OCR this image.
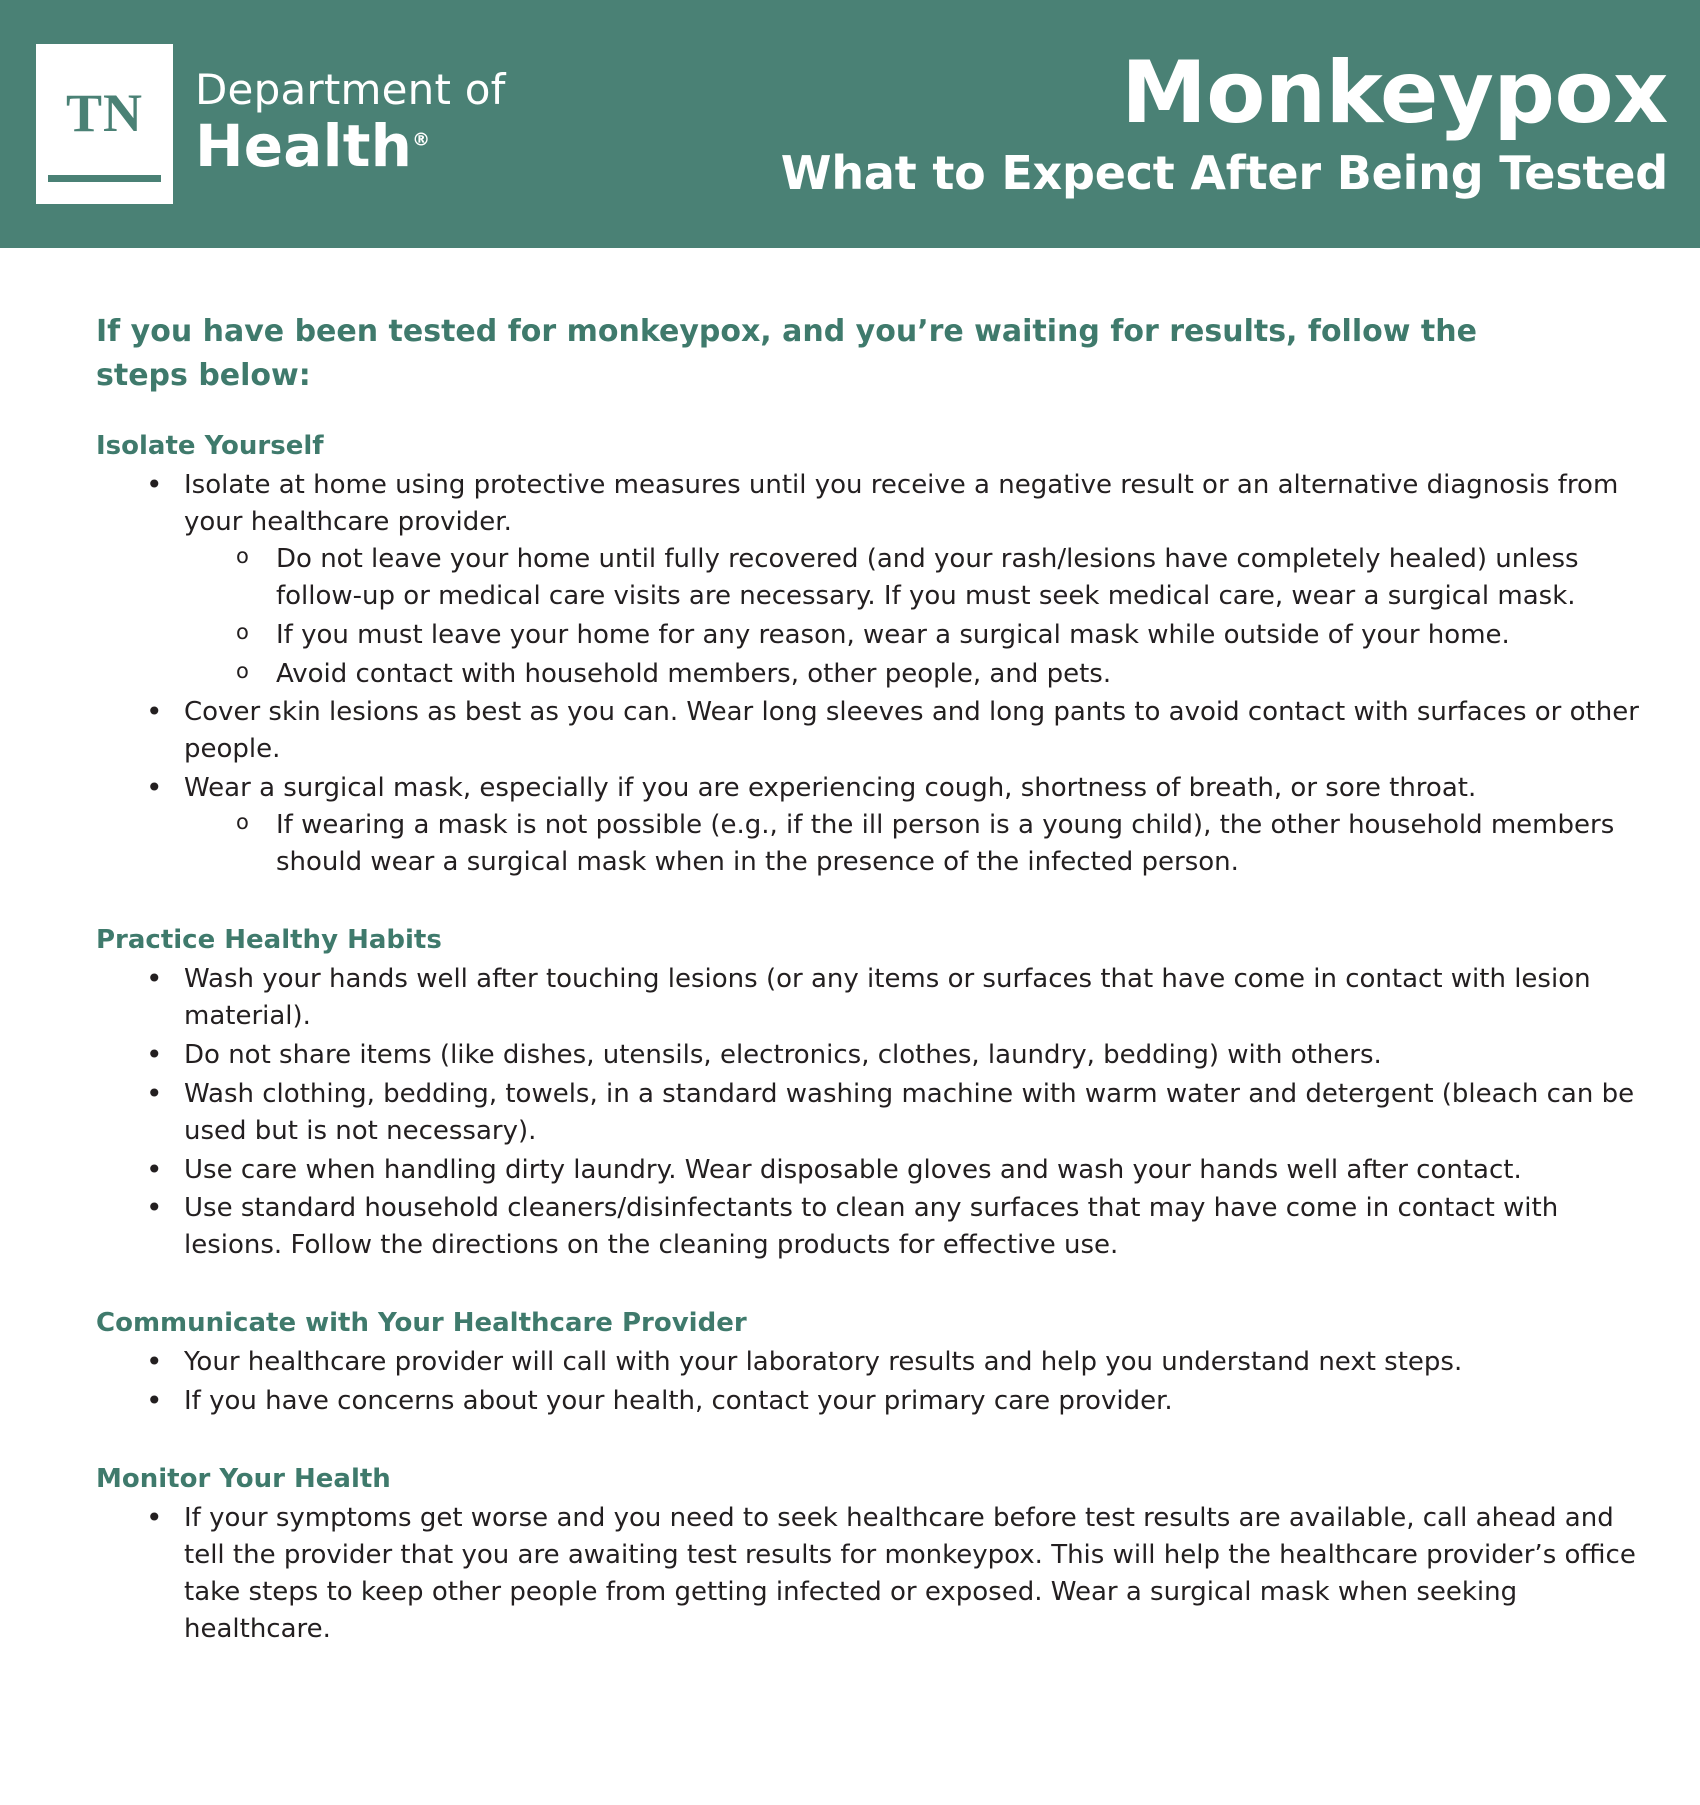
TN	Department of
Health®	Monkeypox
What to Expect After Being Tested
If you have been tested for monkeypox, and you’re waiting for results, follow the steps below:
Isolate Yourself
• Isolate at home using protective measures until you receive a negative result or an alternative diagnosis from your healthcare provider.
o Do not leave your home until fully recovered (and your rash/lesions have completely healed) unless follow-up or medical care visits are necessary. If you must seek medical care, wear a surgical mask.
o If you must leave your home for any reason, wear a surgical mask while outside of your home.
o Avoid contact with household members, other people, and pets.
• Cover skin lesions as best as you can. Wear long sleeves and long pants to avoid contact with surfaces or other people.
• Wear a surgical mask, especially if you are experiencing cough, shortness of breath, or sore throat.
o If wearing a mask is not possible (e.g., if the ill person is a young child), the other household members should wear a surgical mask when in the presence of the infected person.
Practice Healthy Habits
• Wash your hands well after touching lesions (or any items or surfaces that have come in contact with lesion material).
• Do not share items (like dishes, utensils, electronics, clothes, laundry, bedding) with others.
• Wash clothing, bedding, towels, in a standard washing machine with warm water and detergent (bleach can be used but is not necessary).
• Use care when handling dirty laundry. Wear disposable gloves and wash your hands well after contact.
• Use standard household cleaners/disinfectants to clean any surfaces that may have come in contact with lesions. Follow the directions on the cleaning products for effective use.
Communicate with Your Healthcare Provider
• Your healthcare provider will call with your laboratory results and help you understand next steps.
• If you have concerns about your health, contact your primary care provider.
Monitor Your Health
• If your symptoms get worse and you need to seek healthcare before test results are available, call ahead and tell the provider that you are awaiting test results for monkeypox. This will help the healthcare provider’s office take steps to keep other people from getting infected or exposed. Wear a surgical mask when seeking healthcare.
